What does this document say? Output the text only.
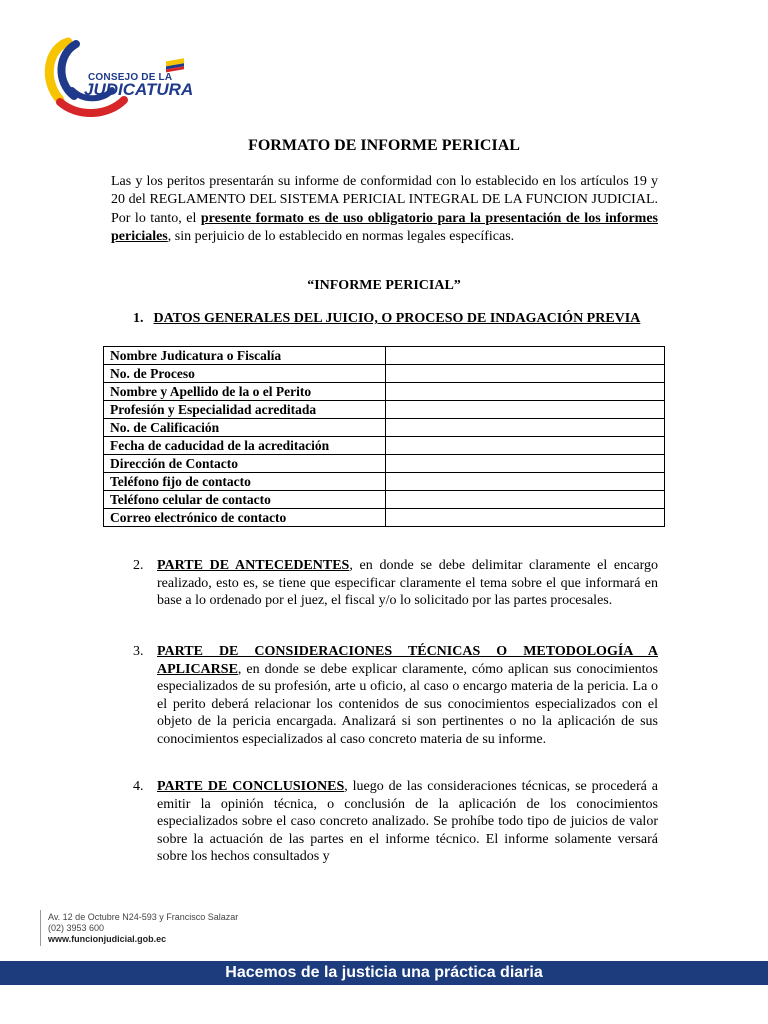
CONSEJO DE LA
JUDICATURA
FORMATO DE INFORME PERICIAL
Las y los peritos presentarán su informe de conformidad con lo establecido en los artículos 19 y 20 del REGLAMENTO DEL SISTEMA PERICIAL INTEGRAL DE LA FUNCION JUDICIAL. Por lo tanto, el presente formato es de uso obligatorio para la presentación de los informes periciales, sin perjuicio de lo establecido en normas legales específicas.
“INFORME PERICIAL”
1. DATOS GENERALES DEL JUICIO, O PROCESO DE INDAGACIÓN PREVIA
Nombre Judicatura o Fiscalía	
No. de Proceso	
Nombre y Apellido de la o el Perito	
Profesión y Especialidad acreditada	
No. de Calificación	
Fecha de caducidad de la acreditación	
Dirección de Contacto	
Teléfono fijo de contacto	
Teléfono celular de contacto	
Correo electrónico de contacto	
2. PARTE DE ANTECEDENTES, en donde se debe delimitar claramente el encargo realizado, esto es, se tiene que especificar claramente el tema sobre el que informará en base a lo ordenado por el juez, el fiscal y/o lo solicitado por las partes procesales.
3. PARTE DE CONSIDERACIONES TÉCNICAS O METODOLOGÍA A APLICARSE, en donde se debe explicar claramente, cómo aplican sus conocimientos especializados de su profesión, arte u oficio, al caso o encargo materia de la pericia. La o el perito deberá relacionar los contenidos de sus conocimientos especializados con el objeto de la pericia encargada. Analizará si son pertinentes o no la aplicación de sus conocimientos especializados al caso concreto materia de su informe.
4. PARTE DE CONCLUSIONES, luego de las consideraciones técnicas, se procederá a emitir la opinión técnica, o conclusión de la aplicación de los conocimientos especializados sobre el caso concreto analizado. Se prohíbe todo tipo de juicios de valor sobre la actuación de las partes en el informe técnico. El informe solamente versará sobre los hechos consultados y
Av. 12 de Octubre N24-593 y Francisco Salazar
(02) 3953 600
www.funcionjudicial.gob.ec
Hacemos de la justicia una práctica diaria
